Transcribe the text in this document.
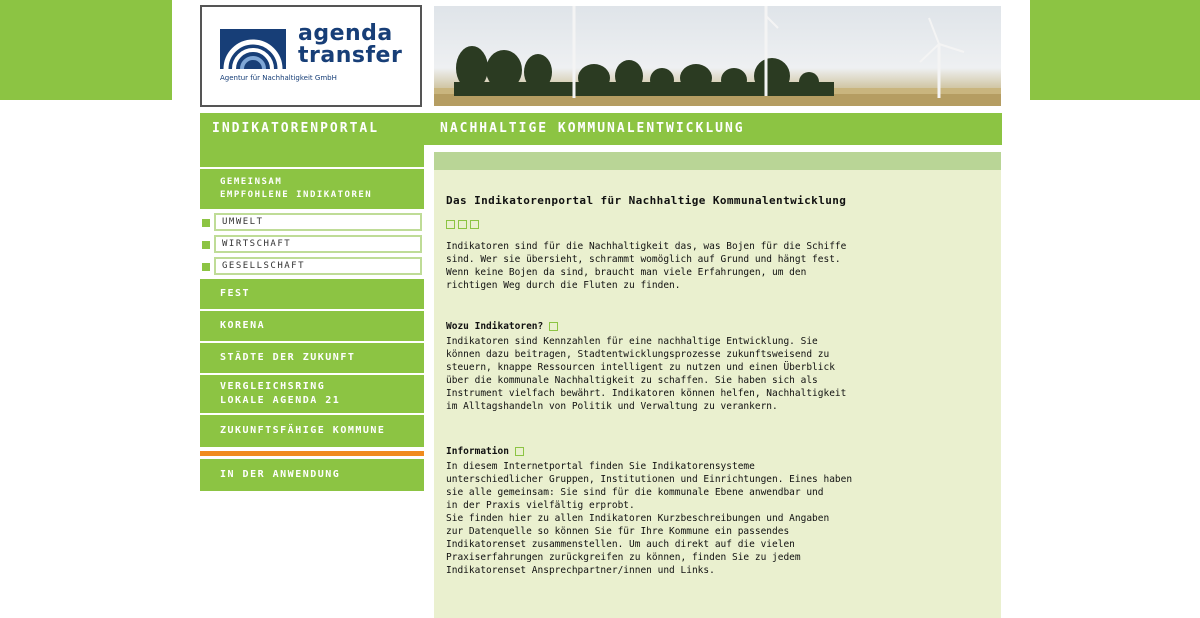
agenda
transfer
Agentur für Nachhaltigkeit GmbH
INDIKATORENPORTAL	NACHHALTIGE KOMMUNALENTWICKLUNG
GEMEINSAM
EMPFOHLENE INDIKATOREN
UMWELT
WIRTSCHAFT
GESELLSCHAFT
FEST
KORENA
STÄDTE DER ZUKUNFT
VERGLEICHSRING
LOKALE AGENDA 21
ZUKUNFTSFÄHIGE KOMMUNE
IN DER ANWENDUNG
Das Indikatorenportal für Nachhaltige Kommunalentwicklung
Indikatoren sind für die Nachhaltigkeit das, was Bojen für die Schiffe
sind. Wer sie übersieht, schrammt womöglich auf Grund und hängt fest.
Wenn keine Bojen da sind, braucht man viele Erfahrungen, um den
richtigen Weg durch die Fluten zu finden.
Wozu Indikatoren?
Indikatoren sind Kennzahlen für eine nachhaltige Entwicklung. Sie
können dazu beitragen, Stadtentwicklungsprozesse zukunftsweisend zu
steuern, knappe Ressourcen intelligent zu nutzen und einen Überblick
über die kommunale Nachhaltigkeit zu schaffen. Sie haben sich als
Instrument vielfach bewährt. Indikatoren können helfen, Nachhaltigkeit
im Alltagshandeln von Politik und Verwaltung zu verankern.
Information
In diesem Internetportal finden Sie Indikatorensysteme
unterschiedlicher Gruppen, Institutionen und Einrichtungen. Eines haben
sie alle gemeinsam: Sie sind für die kommunale Ebene anwendbar und
in der Praxis vielfältig erprobt.
Sie finden hier zu allen Indikatoren Kurzbeschreibungen und Angaben
zur Datenquelle so können Sie für Ihre Kommune ein passendes
Indikatorenset zusammenstellen. Um auch direkt auf die vielen
Praxiserfahrungen zurückgreifen zu können, finden Sie zu jedem
Indikatorenset Ansprechpartner/innen und Links.
